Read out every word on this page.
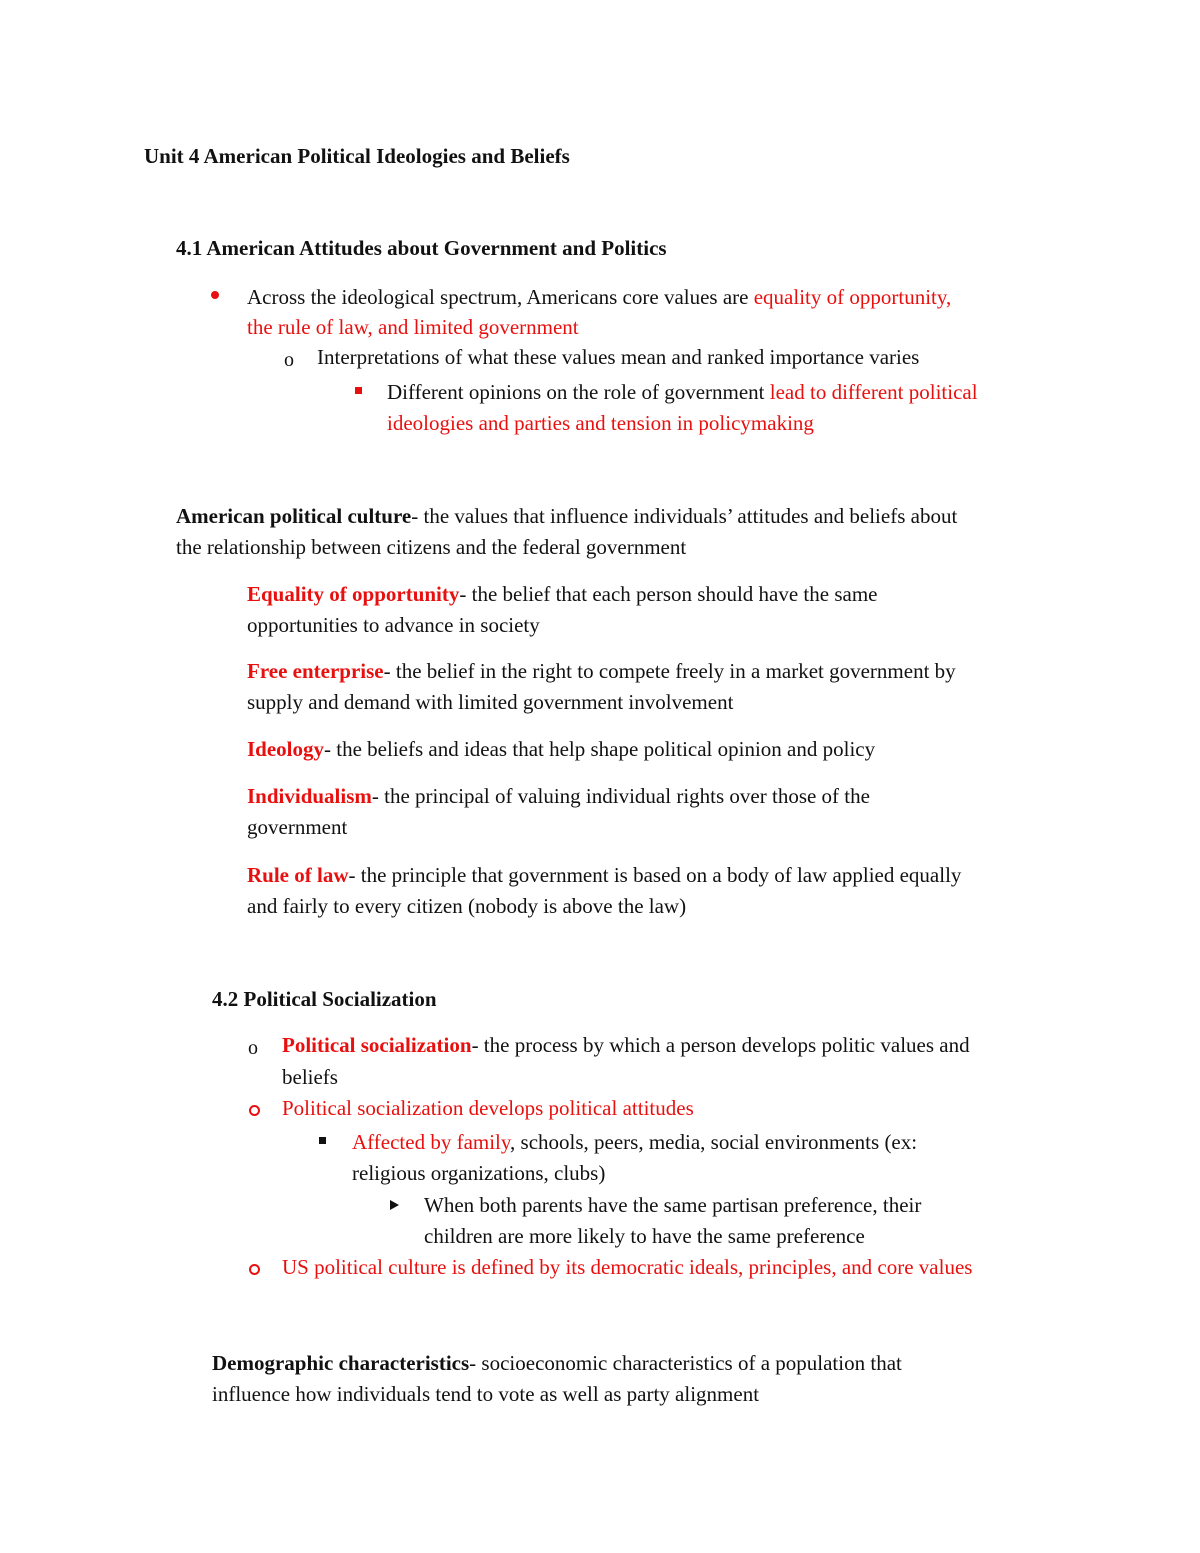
Unit 4 American Political Ideologies and Beliefs
4.1 American Attitudes about Government and Politics
Across the ideological spectrum, Americans core values are equality of opportunity,
the rule of law, and limited government
o Interpretations of what these values mean and ranked importance varies
Different opinions on the role of government lead to different political
ideologies and parties and tension in policymaking
American political culture- the values that influence individuals’ attitudes and beliefs about
the relationship between citizens and the federal government
Equality of opportunity- the belief that each person should have the same
opportunities to advance in society
Free enterprise- the belief in the right to compete freely in a market government by
supply and demand with limited government involvement
Ideology- the beliefs and ideas that help shape political opinion and policy
Individualism- the principal of valuing individual rights over those of the
government
Rule of law- the principle that government is based on a body of law applied equally
and fairly to every citizen (nobody is above the law)
4.2 Political Socialization
o Political socialization- the process by which a person develops politic values and
beliefs
Political socialization develops political attitudes
Affected by family, schools, peers, media, social environments (ex:
religious organizations, clubs)
When both parents have the same partisan preference, their
children are more likely to have the same preference
US political culture is defined by its democratic ideals, principles, and core values
Demographic characteristics- socioeconomic characteristics of a population that
influence how individuals tend to vote as well as party alignment
